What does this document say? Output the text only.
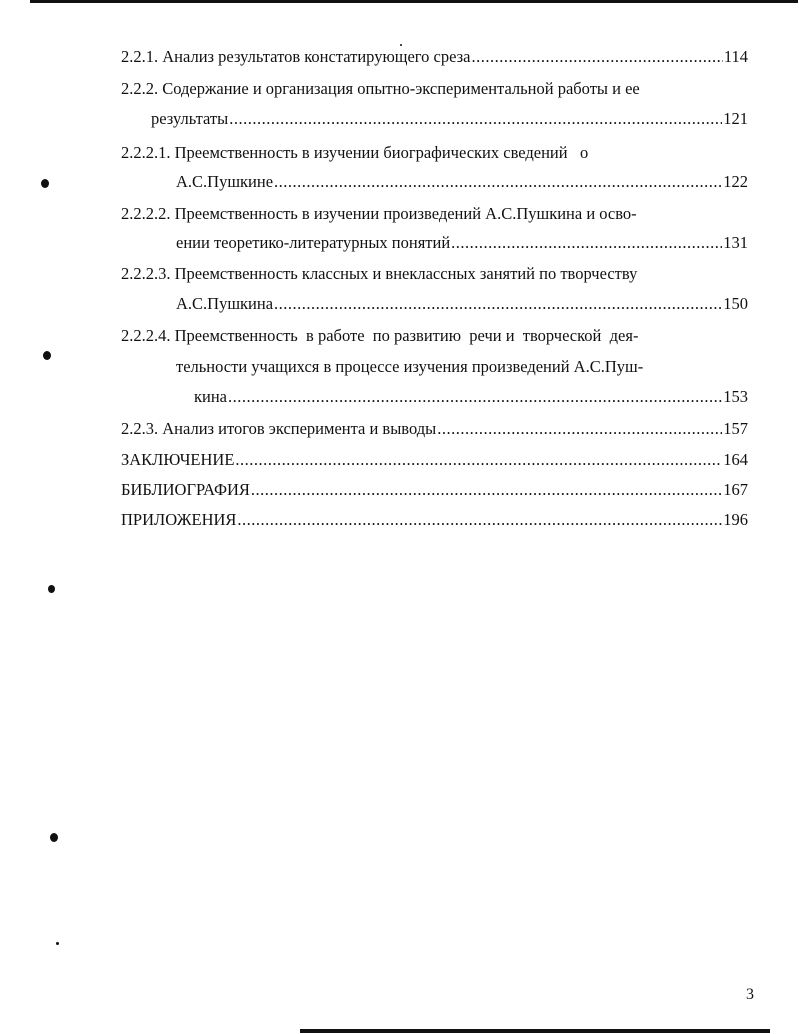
2.2.1. Анализ результатов констатирующего среза .....	114
2.2.2. Содержание и организация опытно-экспериментальной работы и ее
результаты .....	121
2.2.2.1. Преемственность в изучении биографических сведений   о
А.С.Пушкине .....	122
2.2.2.2. Преемственность в изучении произведений А.С.Пушкина и осво-
ении теоретико-литературных понятий .....	131
2.2.2.3. Преемственность классных и внеклассных занятий по творчеству
А.С.Пушкина .....	150
2.2.2.4. Преемственность  в работе  по развитию  речи и  творческой  дея-
тельности учащихся в процессе изучения произведений А.С.Пуш-
кина .....	153
2.2.3. Анализ итогов эксперимента и выводы .....	157
ЗАКЛЮЧЕНИЕ .....	164
БИБЛИОГРАФИЯ .....	167
ПРИЛОЖЕНИЯ .....	196
3
